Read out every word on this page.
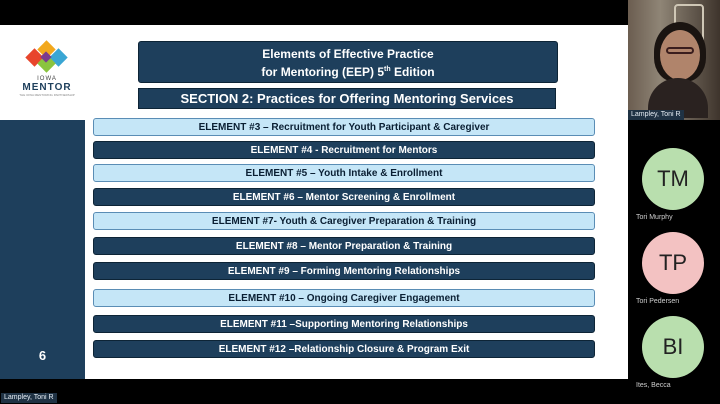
IOWA
MENTOR
THE IOWA MENTORING PARTNERSHIP
6
Elements of Effective Practice
for Mentoring (EEP) 5th Edition
SECTION 2: Practices for Offering Mentoring Services
ELEMENT #3 – Recruitment for Youth Participant & Caregiver
ELEMENT #4 - Recruitment for Mentors
ELEMENT #5 – Youth Intake & Enrollment
ELEMENT #6 – Mentor Screening & Enrollment
ELEMENT #7- Youth & Caregiver Preparation & Training
ELEMENT #8 – Mentor Preparation & Training
ELEMENT #9 – Forming Mentoring Relationships
ELEMENT #10 – Ongoing Caregiver Engagement
ELEMENT #11 –Supporting Mentoring Relationships
ELEMENT #12 –Relationship Closure & Program Exit
Lampley, Toni R
TM
Tori Murphy
TP
Tori Pedersen
BI
Ites, Becca
Lampley, Toni R
